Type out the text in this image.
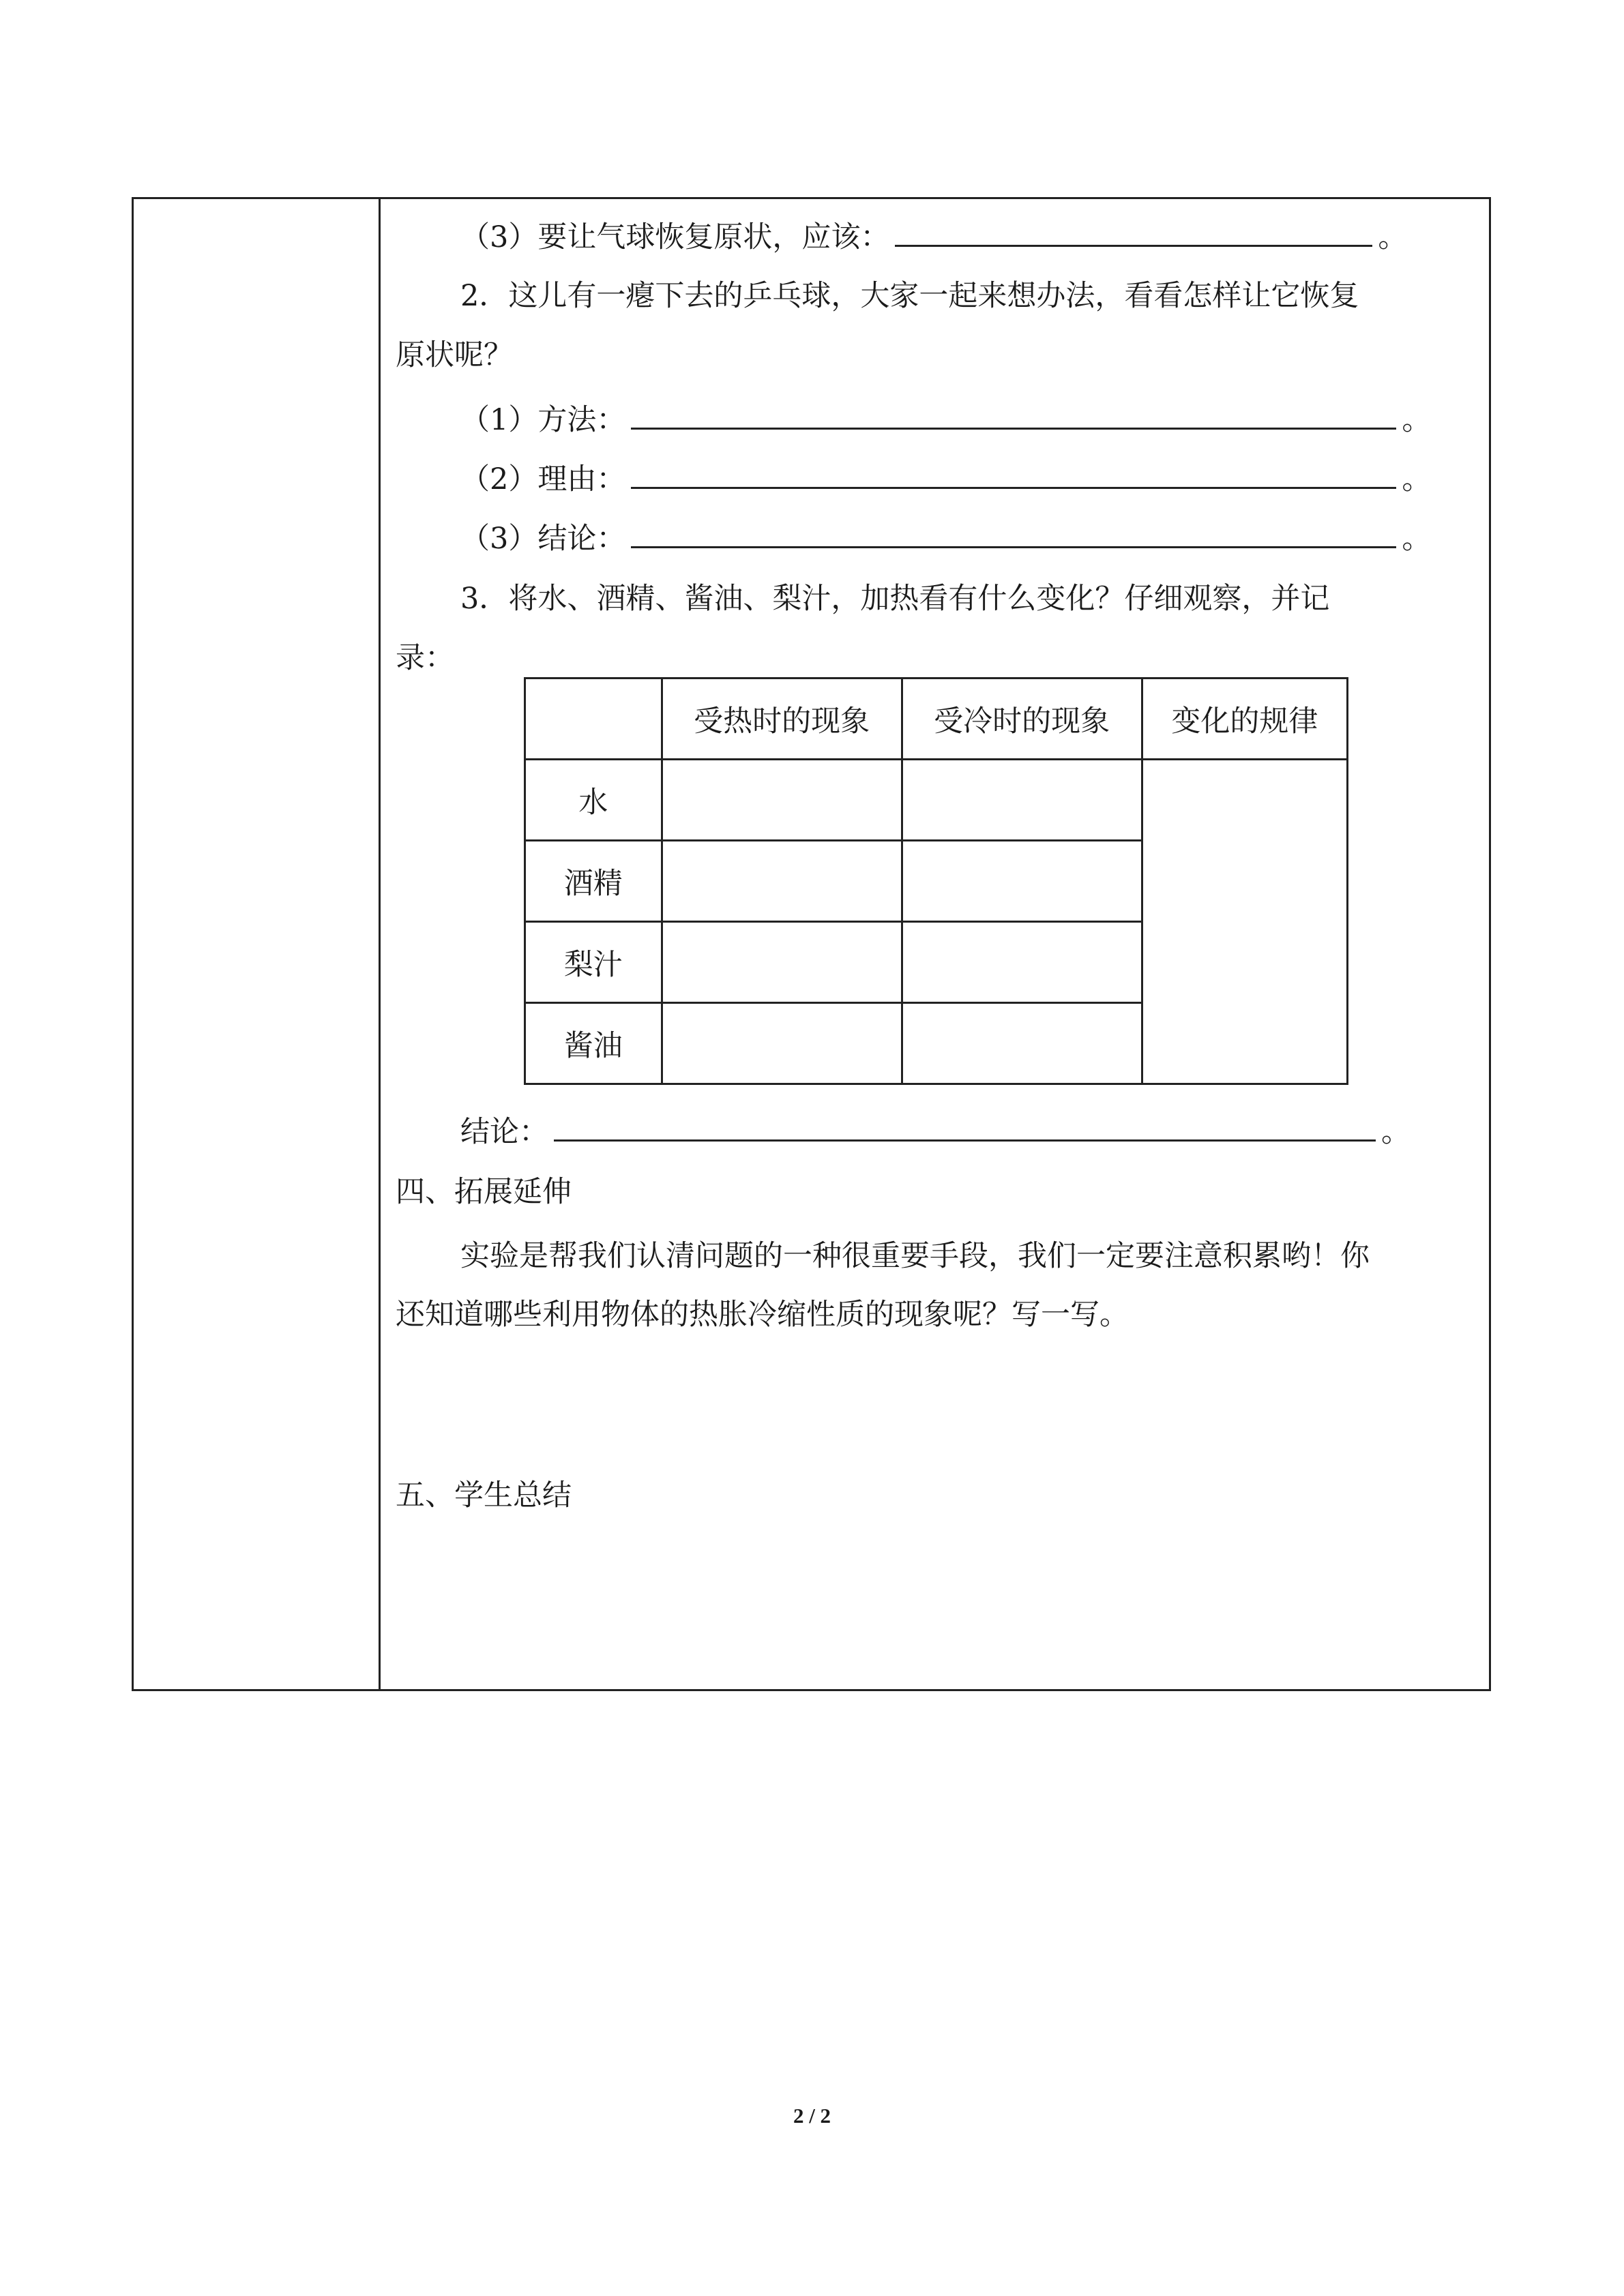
（3）要让气球恢复原状，应该：	。
2．这儿有一瘪下去的乒乓球，大家一起来想办法，看看怎样让它恢复
原状呢？
（1）方法：	。
（2）理由：	。
（3）结论：	。
3．将水、酒精、酱油、梨汁，加热看有什么变化？仔细观察，并记
录：
	受热时的现象	受冷时的现象	变化的规律
水			
酒精			
梨汁			
酱油			
结论：	。
四、拓展延伸
实验是帮我们认清问题的一种很重要手段，我们一定要注意积累哟！你
还知道哪些利用物体的热胀冷缩性质的现象呢？写一写。
五、学生总结
2 / 2
